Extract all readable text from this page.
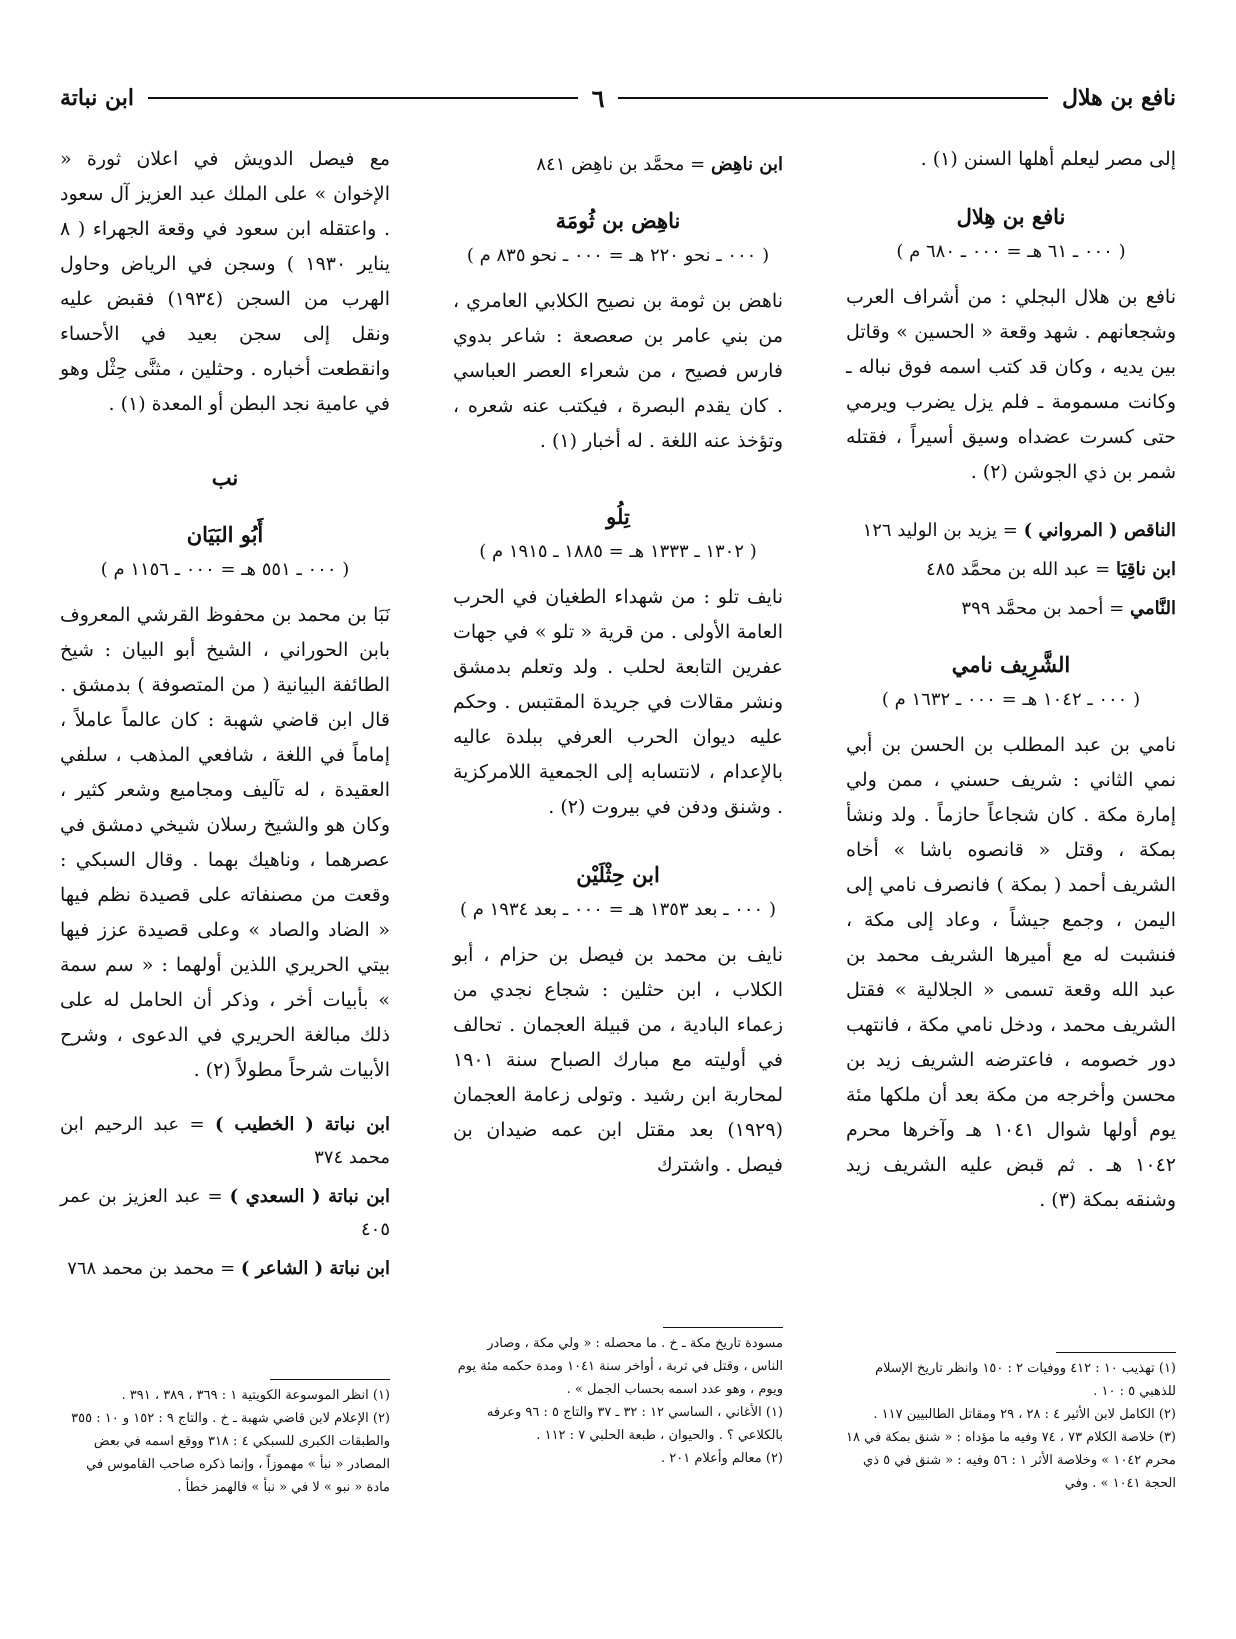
نافع بن هلال
٦
ابن نباتة

إلى مصر ليعلم أهلها السنن (١) .

نافع بن هِلال
( ٠٠٠ ـ ٦١ هـ = ٠٠٠ ـ ٦٨٠ م )

نافع بن هلال البجلي : من أشراف العرب وشجعانهم . شهد وقعة « الحسين » وقاتل بين يديه ، وكان قد كتب اسمه فوق نباله ـ وكانت مسمومة ـ فلم يزل يضرب ويرمي حتى كسرت عضداه وسيق أسيراً ، فقتله شمر بن ذي الجوشن (٢) .

الناقص ( المرواني ) = يزيد بن الوليد ١٢٦
ابن ناقِيَا = عبد الله بن محمَّد ٤٨٥
النَّامي = أحمد بن محمَّد ٣٩٩
الشَّرِيف نامي
( ٠٠٠ ـ ١٠٤٢ هـ = ٠٠٠ ـ ١٦٣٢ م )

نامي بن عبد المطلب بن الحسن بن أبي نمي الثاني : شريف حسني ، ممن ولي إمارة مكة . كان شجاعاً حازماً . ولد ونشأ بمكة ، وقتل « قانصوه باشا » أخاه الشريف أحمد ( بمكة ) فانصرف نامي إلى اليمن ، وجمع جيشاً ، وعاد إلى مكة ، فنشبت له مع أميرها الشريف محمد بن عبد الله وقعة تسمى « الجلالية » فقتل الشريف محمد ، ودخل نامي مكة ، فانتهب دور خصومه ، فاعترضه الشريف زيد بن محسن وأخرجه من مكة بعد أن ملكها مئة يوم أولها شوال ١٠٤١ هـ وآخرها محرم ١٠٤٢ هـ . ثم قبض عليه الشريف زيد وشنقه بمكة (٣) .

(١) تهذيب ١٠ : ٤١٢ ووفيات ٢ : ١٥٠ وانظر تاريخ الإسلام للذهبي ٥ : ١٠ .

(٢) الكامل لابن الأثير ٤ : ٢٨ ، ٢٩ ومقاتل الطالبيين ١١٧ .

(٣) خلاصة الكلام ٧٣ ، ٧٤ وفيه ما مؤداه : « شنق بمكة في ١٨ محرم ١٠٤٢ » وخلاصة الأثر ١ : ٥٦ وفيه : « شنق في ٥ ذي الحجة ١٠٤١ » . وفي

ابن ناهِض = محمَّد بن ناهِض ٨٤١
ناهِض بن ثُومَة
( ٠٠٠ ـ نحو ٢٢٠ هـ = ٠٠٠ ـ نحو ٨٣٥ م )

ناهض بن ثومة بن نصيح الكلابي العامري ، من بني عامر بن صعصعة : شاعر بدوي فارس فصيح ، من شعراء العصر العباسي . كان يقدم البصرة ، فيكتب عنه شعره ، وتؤخذ عنه اللغة . له أخبار (١) .

تِلُو
( ١٣٠٢ ـ ١٣٣٣ هـ = ١٨٨٥ ـ ١٩١٥ م )

نايف تلو : من شهداء الطغيان في الحرب العامة الأولى . من قرية « تلو » في جهات عفرين التابعة لحلب . ولد وتعلم بدمشق ونشر مقالات في جريدة المقتبس . وحكم عليه ديوان الحرب العرفي ببلدة عاليه بالإعدام ، لانتسابه إلى الجمعية اللامركزية . وشنق ودفن في بيروت (٢) .

ابن حِثْلَيْن
( ٠٠٠ ـ بعد ١٣٥٣ هـ = ٠٠٠ ـ بعد ١٩٣٤ م )

نايف بن محمد بن فيصل بن حزام ، أبو الكلاب ، ابن حثلين : شجاع نجدي من زعماء البادية ، من قبيلة العجمان . تحالف في أوليته مع مبارك الصباح سنة ١٩٠١ لمحاربة ابن رشيد . وتولى زعامة العجمان (١٩٢٩) بعد مقتل ابن عمه ضيدان بن فيصل . واشترك

مسودة تاريخ مكة ـ خ . ما محصله : « ولي مكة ، وصادر الناس ، وقتل في تربة ، أواخر سنة ١٠٤١ ومدة حكمه مئة يوم ويوم ، وهو عدد اسمه بحساب الجمل » .

(١) الأغاني ، الساسي ١٢ : ٣٢ ـ ٣٧ والتاج ٥ : ٩٦ وعرفه بالكلاعي ؟ . والحيوان ، طبعة الحلبي ٧ : ١١٢ .

(٢) معالم وأعلام ٢٠١ .

مع فيصل الدويش في اعلان ثورة « الإخوان » على الملك عبد العزيز آل سعود . واعتقله ابن سعود في وقعة الجهراء ( ٨ يناير ١٩٣٠ ) وسجن في الرياض وحاول الهرب من السجن (١٩٣٤) فقبض عليه ونقل إلى سجن بعيد في الأحساء وانقطعت أخباره . وحثلين ، مثنَّى حِثْل وهو في عامية نجد البطن أو المعدة (١) .

نب
أَبُو البَيَان
( ٠٠٠ ـ ٥٥١ هـ = ٠٠٠ ـ ١١٥٦ م )

نَبَا بن محمد بن محفوظ القرشي المعروف بابن الحوراني ، الشيخ أبو البيان : شيخ الطائفة البيانية ( من المتصوفة ) بدمشق . قال ابن قاضي شهبة : كان عالماً عاملاً ، إماماً في اللغة ، شافعي المذهب ، سلفي العقيدة ، له تآليف ومجاميع وشعر كثير ، وكان هو والشيخ رسلان شيخي دمشق في عصرهما ، وناهيك بهما . وقال السبكي : وقعت من مصنفاته على قصيدة نظم فيها « الضاد والصاد » وعلى قصيدة عزز فيها بيتي الحريري اللذين أولهما : « سم سمة » بأبيات أخر ، وذكر أن الحامل له على ذلك مبالغة الحريري في الدعوى ، وشرح الأبيات شرحاً مطولاً (٢) .

ابن نباتة ( الخطيب ) = عبد الرحيم ابن محمد ٣٧٤
ابن نباتة ( السعدي ) = عبد العزيز بن عمر ٤٠٥
ابن نباتة ( الشاعر ) = محمد بن محمد ٧٦٨

(١) انظر الموسوعة الكويتية ١ : ٣٦٩ ، ٣٨٩ ، ٣٩١ .

(٢) الإعلام لابن قاضي شهبة ـ خ . والتاج ٩ : ١٥٢ و ١٠ : ٣٥٥ والطبقات الكبرى للسبكي ٤ : ٣١٨ ووقع اسمه في بعض المصادر « نبأ » مهموزاً ، وإنما ذكره صاحب القاموس في مادة « نبو » لا في « نبأ » فالهمز خطأ .
